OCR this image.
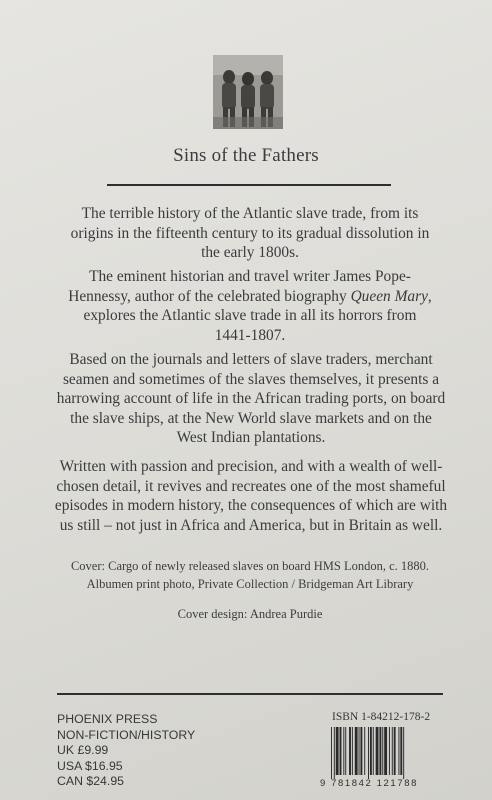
Sins of the Fathers
The terrible history of the Atlantic slave trade, from its origins in the fifteenth century to its gradual dissolution in the early 1800s.
The eminent historian and travel writer James Pope-Hennessy, author of the celebrated biography Queen Mary, explores the Atlantic slave trade in all its horrors from 1441-1807.
Based on the journals and letters of slave traders, merchant seamen and sometimes of the slaves themselves, it presents a harrowing account of life in the African trading ports, on board the slave ships, at the New World slave markets and on the West Indian plantations.
Written with passion and precision, and with a wealth of well-chosen detail, it revives and recreates one of the most shameful episodes in modern history, the consequences of which are with us still – not just in Africa and America, but in Britain as well.
Cover: Cargo of newly released slaves on board HMS London, c. 1880.
Albumen print photo, Private Collection / Bridgeman Art Library
Cover design: Andrea Purdie
PHOENIX PRESS
NON-FICTION/HISTORY
UK £9.99
USA $16.95
CAN $24.95
ISBN 1-84212-178-2
9 781842 121788
